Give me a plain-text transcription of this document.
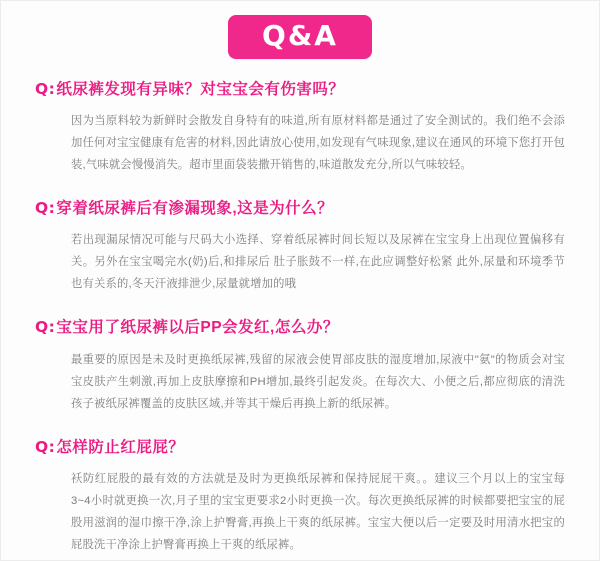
Q&A

Q:纸尿裤发现有异味？对宝宝会有伤害吗？

因为当原料较为新鲜时会散发自身特有的味道,所有原材料都是通过了安全测试的。我们绝不会添加任何对宝宝健康有危害的材料,因此请放心使用,如发现有气味现象,建议在通风的环境下您打开包装,气味就会慢慢消失。超市里面袋装撒开销售的,味道散发充分,所以气味较轻。

Q:穿着纸尿裤后有渗漏现象,这是为什么？

若出现漏尿情况可能与尺码大小选择、穿着纸尿裤时间长短以及尿裤在宝宝身上出现位置偏移有关。另外在宝宝喝完水(奶)后,和排尿后 肚子胀鼓不一样,在此应调整好松紧 此外,尿量和环境季节也有关系的,冬天汗液排泄少,尿量就增加的哦

Q:宝宝用了纸尿裤以后PP会发红,怎么办？

最重要的原因是未及时更换纸尿裤,残留的尿液会使胃部皮肤的湿度增加,尿液中"氨"的物质会对宝宝皮肤产生刺激,再加上皮肤摩擦和PH增加,最终引起发炎。在每次大、小便之后,都应彻底的清洗孩子被纸尿裤覆盖的皮肤区域,并等其干燥后再换上新的纸尿裤。

Q:怎样防止红屁屁？

袄防红屁股的最有效的方法就是及时为更换纸尿裤和保持屁屁干爽。。建议三个月以上的宝宝每3~4小时就更换一次,月子里的宝宝更要求2小时更换一次。每次更换纸尿裤的时候都要把宝宝的屁股用滋润的湿巾擦干净,涂上护臀膏,再换上干爽的纸尿裤。宝宝大便以后一定要及时用清水把宝的屁股洗干净涂上护臀膏再换上干爽的纸尿裤。
